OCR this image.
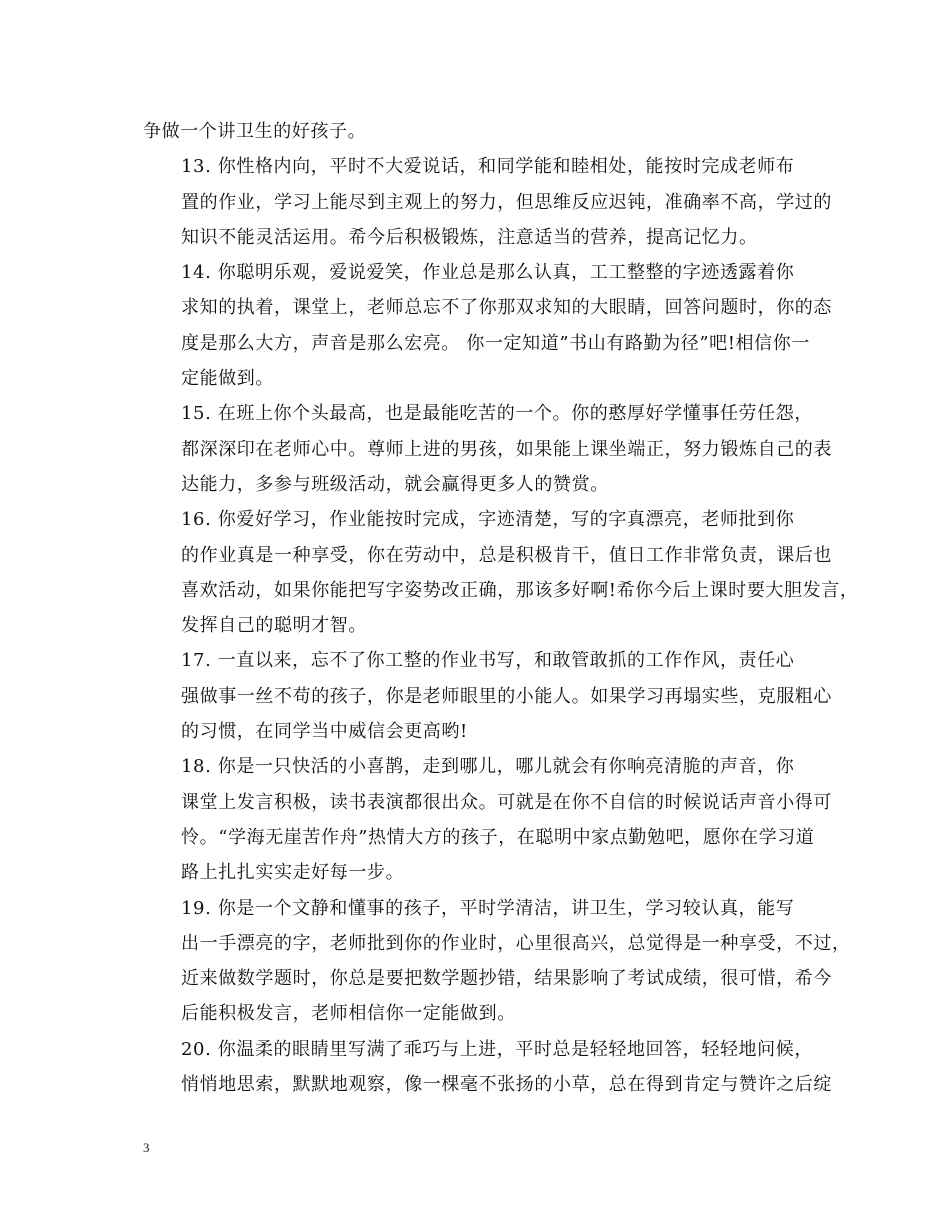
争做一个讲卫生的好孩子。

13. 你性格内向，平时不大爱说话，和同学能和睦相处，能按时完成老师布
置的作业，学习上能尽到主观上的努力，但思维反应迟钝，准确率不高，学过的
知识不能灵活运用。希今后积极锻炼，注意适当的营养，提高记忆力。

14. 你聪明乐观，爱说爱笑，作业总是那么认真，工工整整的字迹透露着你
求知的执着，课堂上，老师总忘不了你那双求知的大眼睛，回答问题时，你的态
度是那么大方，声音是那么宏亮。 你一定知道”书山有路勤为径”吧!相信你一
定能做到。

15. 在班上你个头最高，也是最能吃苦的一个。你的憨厚好学懂事任劳任怨，
都深深印在老师心中。尊师上进的男孩，如果能上课坐端正，努力锻炼自己的表
达能力，多参与班级活动，就会赢得更多人的赞赏。

16. 你爱好学习，作业能按时完成，字迹清楚，写的字真漂亮，老师批到你
的作业真是一种享受，你在劳动中，总是积极肯干，值日工作非常负责，课后也
喜欢活动，如果你能把写字姿势改正确，那该多好啊!希你今后上课时要大胆发言，
发挥自己的聪明才智。

17. 一直以来，忘不了你工整的作业书写，和敢管敢抓的工作作风，责任心
强做事一丝不苟的孩子，你是老师眼里的小能人。如果学习再塌实些，克服粗心
的习惯，在同学当中威信会更高哟!

18. 你是一只快活的小喜鹊，走到哪儿，哪儿就会有你响亮清脆的声音，你
课堂上发言积极，读书表演都很出众。可就是在你不自信的时候说话声音小得可
怜。“学海无崖苦作舟”热情大方的孩子，在聪明中家点勤勉吧，愿你在学习道
路上扎扎实实走好每一步。

19. 你是一个文静和懂事的孩子，平时学清洁，讲卫生，学习较认真，能写
出一手漂亮的字，老师批到你的作业时，心里很高兴，总觉得是一种享受，不过，
近来做数学题时，你总是要把数学题抄错，结果影响了考试成绩，很可惜，希今
后能积极发言，老师相信你一定能做到。

20. 你温柔的眼睛里写满了乖巧与上进，平时总是轻轻地回答，轻轻地问候，
悄悄地思索，默默地观察，像一棵毫不张扬的小草，总在得到肯定与赞许之后绽

3
